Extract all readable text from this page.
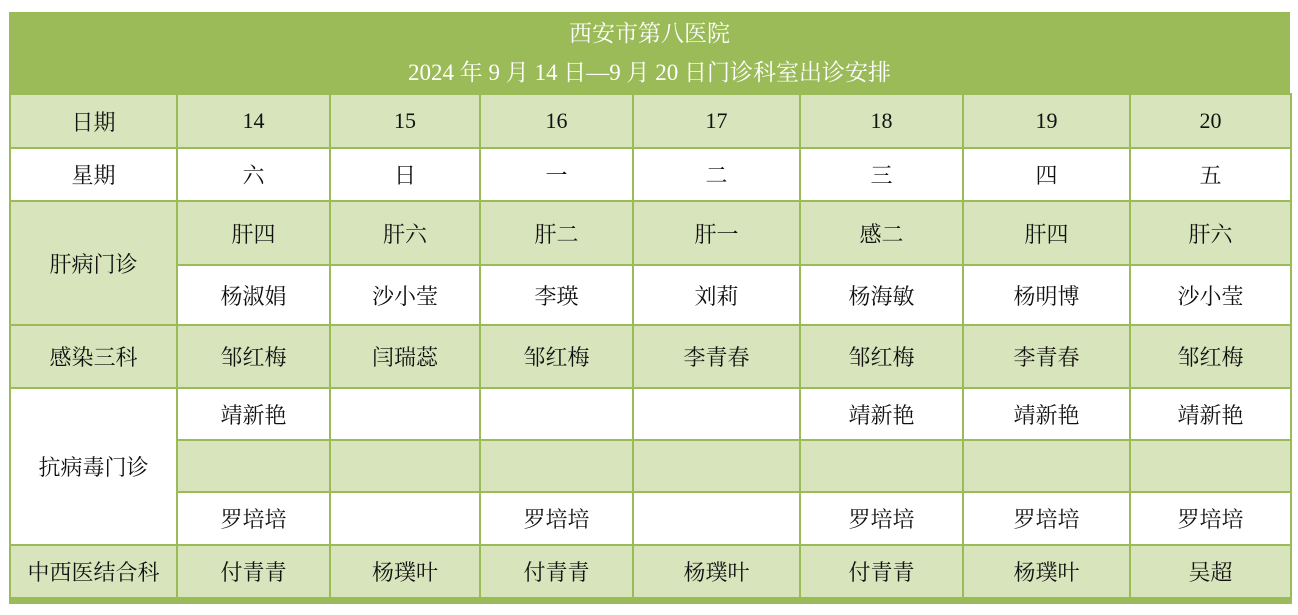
西安市第八医院
2024 年 9 月 14 日—9 月 20 日门诊科室出诊安排
日期	14	15	16	17	18	19	20
星期	六	日	一	二	三	四	五
肝病门诊	肝四	肝六	肝二	肝一	感二	肝四	肝六
	杨淑娟	沙小莹	李瑛	刘莉	杨海敏	杨明博	沙小莹
感染三科	邹红梅	闫瑞蕊	邹红梅	李青春	邹红梅	李青春	邹红梅
抗病毒门诊	靖新艳				靖新艳	靖新艳	靖新艳

	罗培培		罗培培		罗培培	罗培培	罗培培
中西医结合科	付青青	杨璞叶	付青青	杨璞叶	付青青	杨璞叶	吴超
